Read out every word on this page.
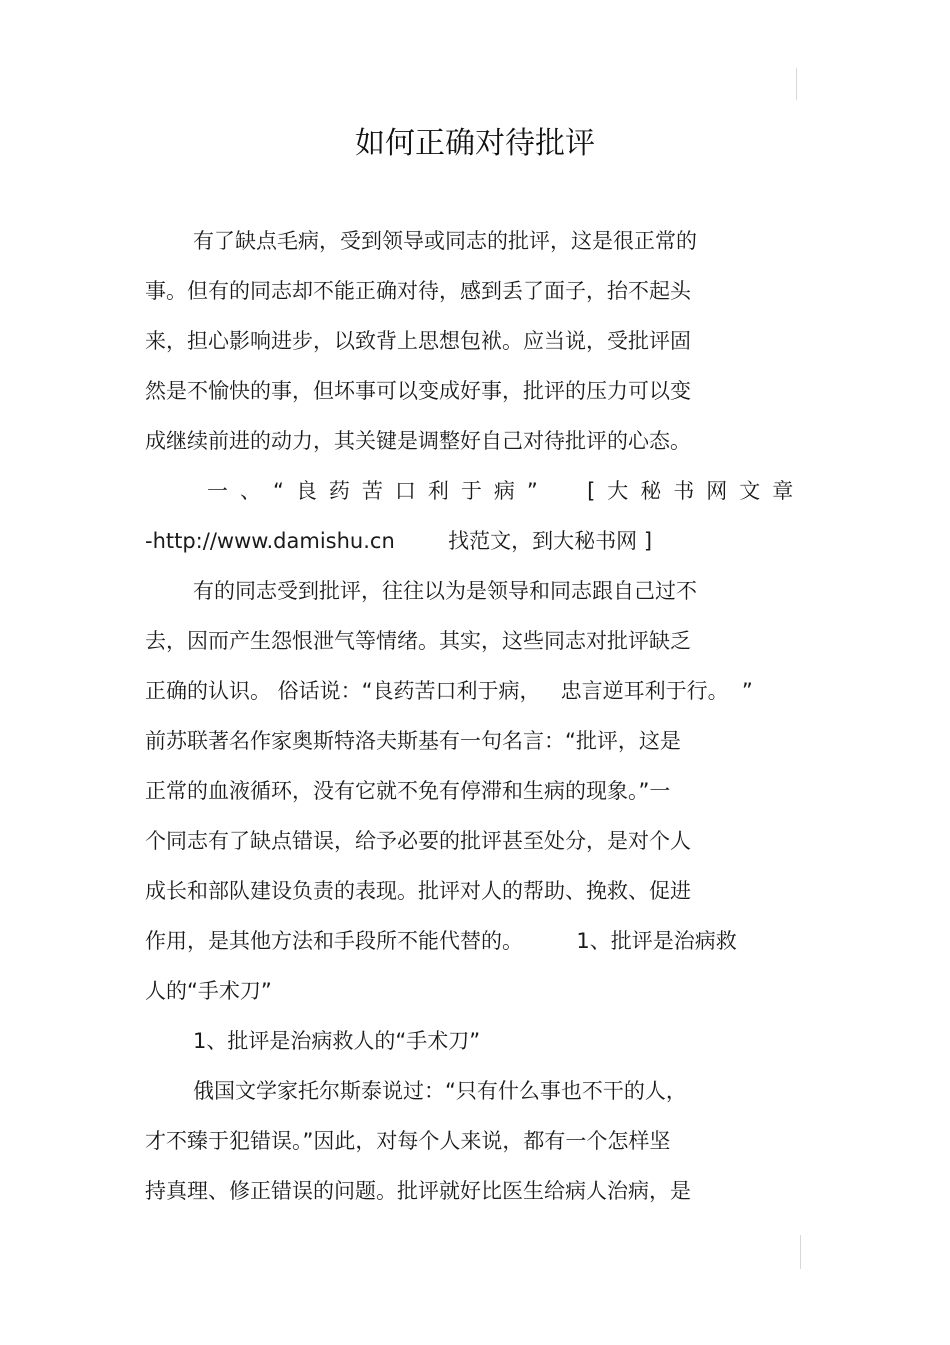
如何正确对待批评
有了缺点毛病，受到领导或同志的批评，这是很正常的
事。但有的同志却不能正确对待，感到丢了面子，抬不起头
来，担心影响进步，以致背上思想包袱。应当说，受批评固
然是不愉快的事，但坏事可以变成好事，批评的压力可以变
成继续前进的动力，其关键是调整好自己对待批评的心态。
一、“良药苦口利于病”  [大秘书网文章
-http://www.damishu.cn        找范文，到大秘书网 ]
有的同志受到批评，往往以为是领导和同志跟自己过不
去，因而产生怨恨泄气等情绪。其实，这些同志对批评缺乏
正确的认识。 俗话说：“良药苦口利于病，   忠言逆耳利于行。  ”
前苏联著名作家奥斯特洛夫斯基有一句名言：“批评，这是
正常的血液循环，没有它就不免有停滞和生病的现象。”一
个同志有了缺点错误，给予必要的批评甚至处分，是对个人
成长和部队建设负责的表现。批评对人的帮助、挽救、促进
作用，是其他方法和手段所不能代替的。        1、批评是治病救
人的“手术刀”
1、批评是治病救人的“手术刀”
俄国文学家托尔斯泰说过：“只有什么事也不干的人，
才不臻于犯错误。”因此，对每个人来说，都有一个怎样坚
持真理、修正错误的问题。批评就好比医生给病人治病，是
